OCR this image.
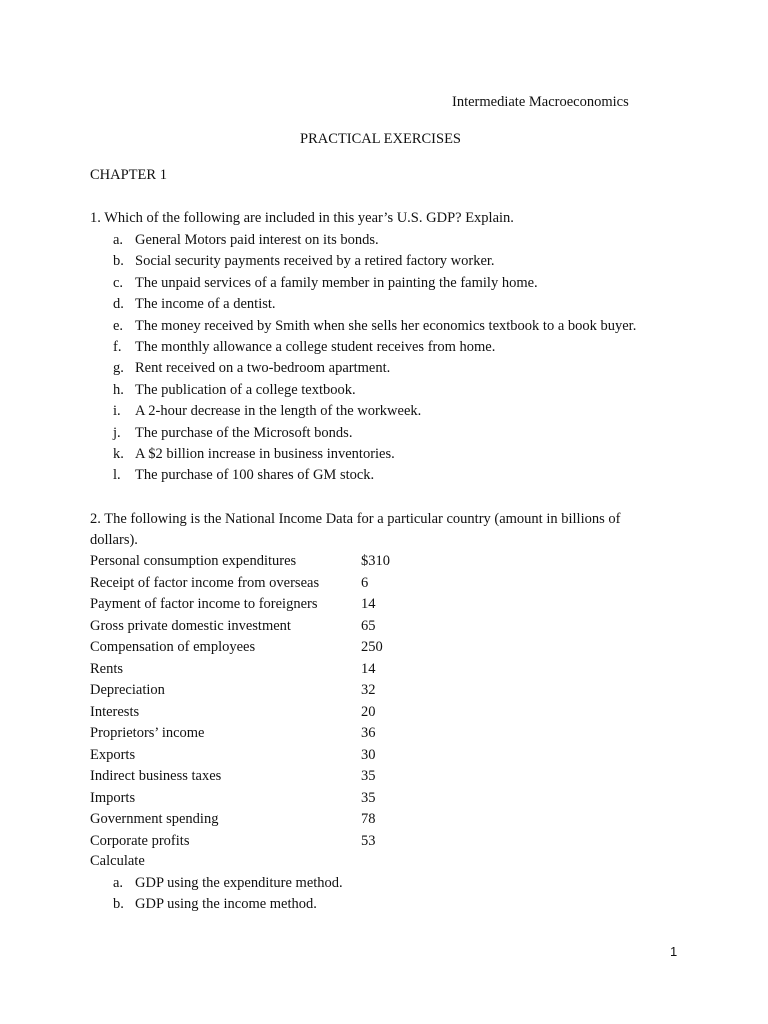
Intermediate Macroeconomics
PRACTICAL EXERCISES
CHAPTER 1
1. Which of the following are included in this year’s U.S. GDP? Explain.
a. General Motors paid interest on its bonds.
b. Social security payments received by a retired factory worker.
c. The unpaid services of a family member in painting the family home.
d. The income of a dentist.
e. The money received by Smith when she sells her economics textbook to a book buyer.
f. The monthly allowance a college student receives from home.
g. Rent received on a two-bedroom apartment.
h. The publication of a college textbook.
i. A 2-hour decrease in the length of the workweek.
j. The purchase of the Microsoft bonds.
k. A $2 billion increase in business inventories.
l. The purchase of 100 shares of GM stock.
2. The following is the National Income Data for a particular country (amount in billions of
dollars).
Personal consumption expenditures	$310
Receipt of factor income from overseas	6
Payment of factor income to foreigners	14
Gross private domestic investment	65
Compensation of employees	250
Rents	14
Depreciation	32
Interests	20
Proprietors’ income	36
Exports	30
Indirect business taxes	35
Imports	35
Government spending	78
Corporate profits	53
Calculate
a. GDP using the expenditure method.
b. GDP using the income method.
1
